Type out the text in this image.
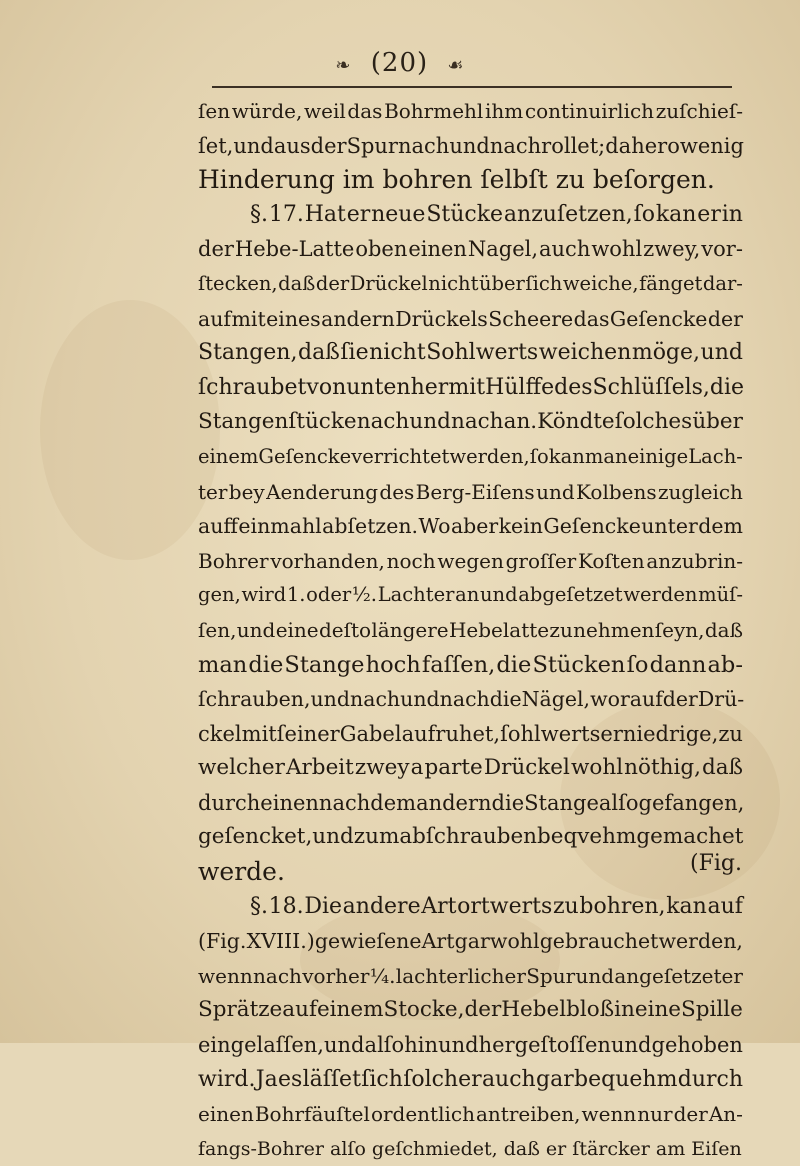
❧ (20) ☙
ſen würde, weil das Bohrmehl ihm continuirlich zuſchieſ-
ſet, und aus der Spur nach und nach rollet; dahero wenig
Hinderung im bohren ſelbſt zu beſorgen.
§. 17. Hat er neue Stücke anzuſetzen, ſo kan er in
der Hebe-Latte oben einen Nagel, auch wohl zwey, vor-
ſtecken, daß der Drückel nicht über ſich weiche, fänget dar-
auf mit eines andern Drückels Scheere das Geſencke der
Stangen, daß ſie nicht Sohlwerts weichen möge, und
ſchraubet von unten her mit Hülffe des Schlüſſels, die
Stangenſtücke nach und nach an. Köndte ſolches über
einem Geſencke verrichtet werden, ſo kan man einige Lach-
ter bey Aenderung des Berg-Eiſens und Kolbens zugleich
auff einmahl abſetzen. Wo aber kein Geſencke unter dem
Bohrer vorhanden, noch wegen groſſer Koſten anzubrin-
gen, wird 1. oder ½. Lachter an und abgeſetzet werden müſ-
ſen, und eine deſto längere Hebelatte zu nehmen ſeyn, daß
man die Stange hoch faſſen, die Stücken ſo dann ab-
ſchrauben, und nach und nach die Nägel, worauf der Drü-
ckel mit ſeiner Gabel aufruhet, ſohlwerts erniedrige, zu
welcher Arbeit zwey a parte Drückel wohl nöthig, daß
durch einen nach dem andern die Stange alſo gefangen,
geſencket, und zum abſchrauben beqvehm gemachet
werde.
§. 18. Die andere Art ortwerts zu bohren, kan auf
(Fig. XVIII.) gewieſene Art gar wohl gebrauchet werden,
wenn nach vorher ¼. lachterlicher Spur und angeſetzeter
Sprätze auf einem Stocke, der Hebel bloß in eine Spille
eingelaſſen, und alſo hin und her geſtoſſen und gehoben
wird. Ja es läſſet ſich ſolcher auch gar bequehm durch
einen Bohrfäuſtel ordentlich antreiben, wenn nur der An-
fangs-Bohrer alſo geſchmiedet, daß er ſtärcker am Eiſen
(Fig.
